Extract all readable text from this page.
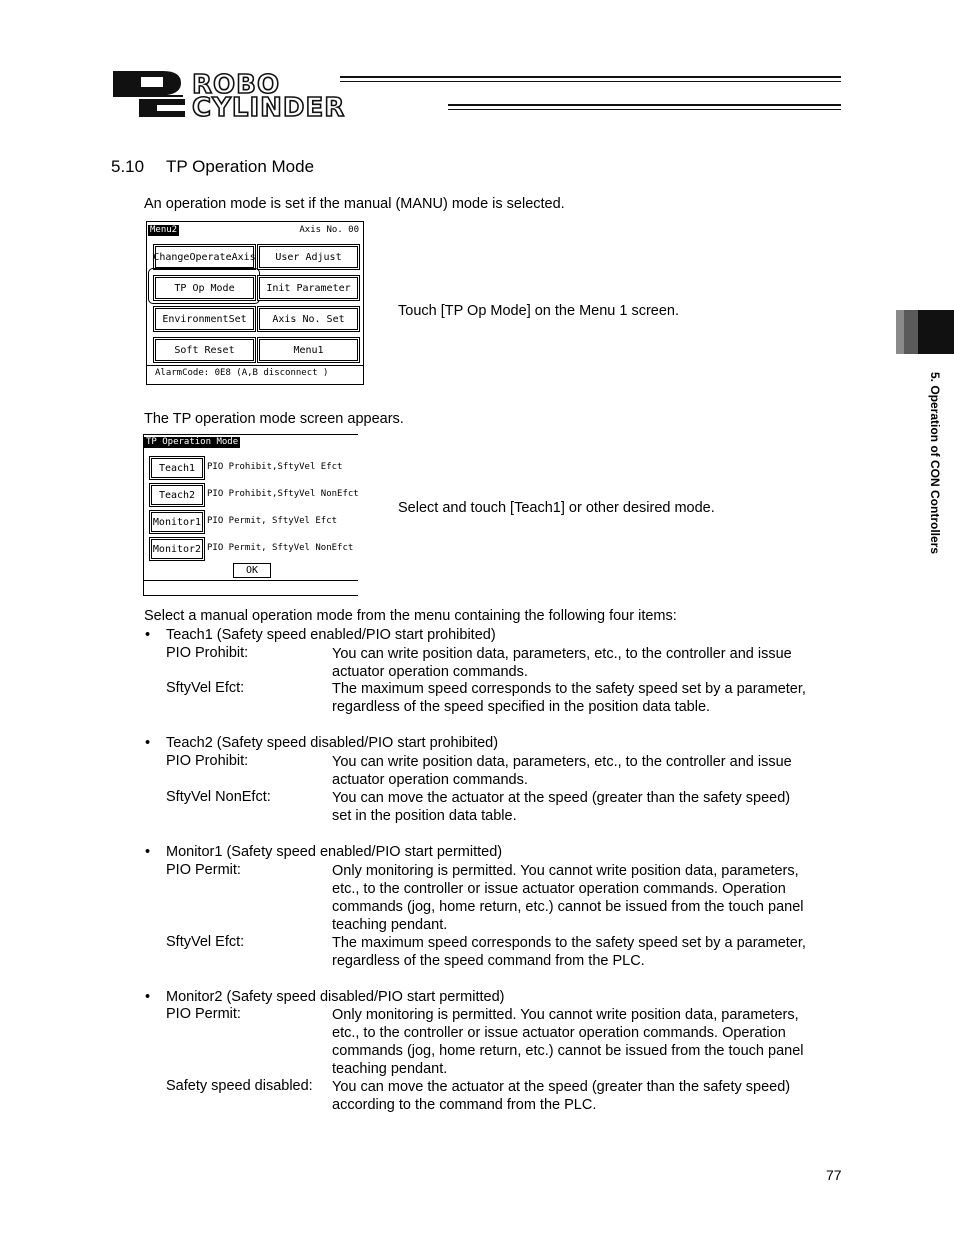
ROBO
CYLINDER
5. Operation of CON Controllers
5.10 TP Operation Mode
An operation mode is set if the manual (MANU) mode is selected.
Menu2	Axis No. 00
ChangeOperateAxis	User Adjust
TP Op Mode	Init Parameter
EnvironmentSet	Axis No. Set
Soft Reset	Menu1
AlarmCode: 0E8 (A,B disconnect )
Touch [TP Op Mode] on the Menu 1 screen.
The TP operation mode screen appears.
TP Operation Mode
Teach1	PIO Prohibit,SftyVel Efct
Teach2	PIO Prohibit,SftyVel NonEfct
Monitor1 PIO Permit, SftyVel Efct
Monitor2 PIO Permit, SftyVel NonEfct
OK
Select and touch [Teach1] or other desired mode.
Select a manual operation mode from the menu containing the following four items:
• Teach1 (Safety speed enabled/PIO start prohibited)
PIO Prohibit:	You can write position data, parameters, etc., to the controller and issue
actuator operation commands.
SftyVel Efct:	The maximum speed corresponds to the safety speed set by a parameter,
regardless of the speed specified in the position data table.
• Teach2 (Safety speed disabled/PIO start prohibited)
PIO Prohibit:	You can write position data, parameters, etc., to the controller and issue
actuator operation commands.
SftyVel NonEfct:	You can move the actuator at the speed (greater than the safety speed)
set in the position data table.
• Monitor1 (Safety speed enabled/PIO start permitted)
PIO Permit:	Only monitoring is permitted. You cannot write position data, parameters,
etc., to the controller or issue actuator operation commands. Operation
commands (jog, home return, etc.) cannot be issued from the touch panel
teaching pendant.
SftyVel Efct:	The maximum speed corresponds to the safety speed set by a parameter,
regardless of the speed command from the PLC.
• Monitor2 (Safety speed disabled/PIO start permitted)
PIO Permit:	Only monitoring is permitted. You cannot write position data, parameters,
etc., to the controller or issue actuator operation commands. Operation
commands (jog, home return, etc.) cannot be issued from the touch panel
teaching pendant.
Safety speed disabled: You can move the actuator at the speed (greater than the safety speed)
according to the command from the PLC.
77
